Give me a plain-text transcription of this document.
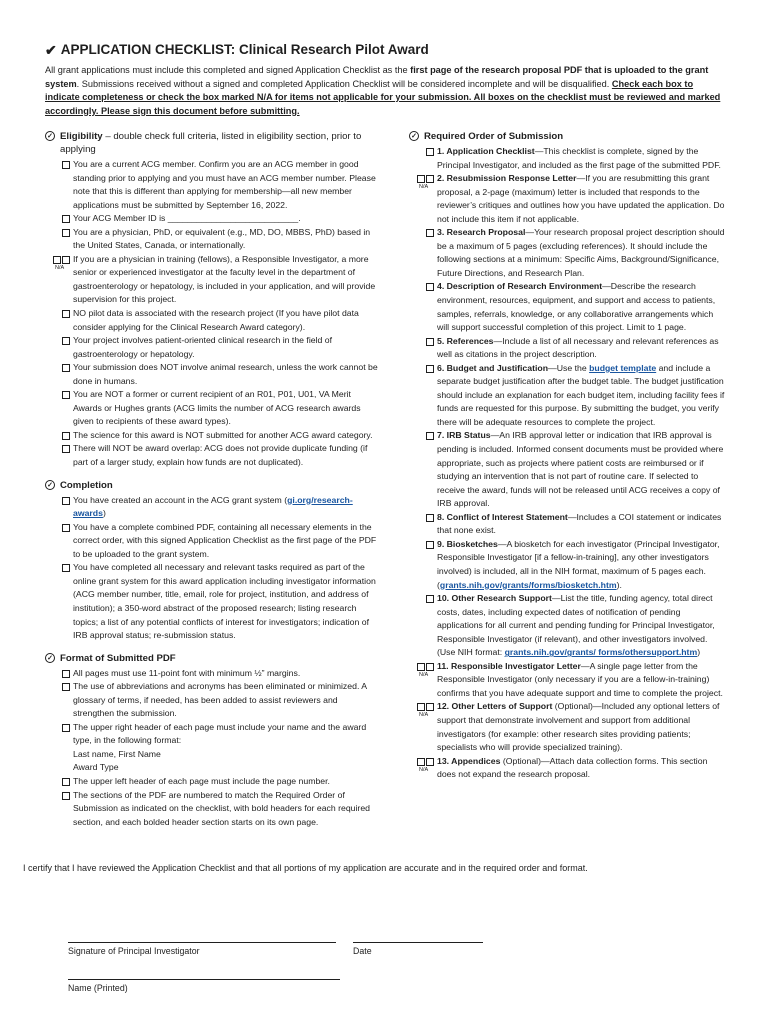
✔ APPLICATION CHECKLIST: Clinical Research Pilot Award

All grant applications must include this completed and signed Application Checklist as the first page of the research proposal PDF that is uploaded to the grant system. Submissions received without a signed and completed Application Checklist will be considered incomplete and will be disqualified. Check each box to indicate completeness or check the box marked N/A for items not applicable for your submission. All boxes on the checklist must be reviewed and marked accordingly. Please sign this document before submitting.

✓ Eligibility – double check full criteria, listed in eligibility section, prior to applying
You are a current ACG member. Confirm you are an ACG member in good standing prior to applying and you must have an ACG member number. Please note that this is different than applying for membership—all new member applications must be submitted by September 16, 2022.
Your ACG Member ID is ___________________________.
You are a physician, PhD, or equivalent (e.g., MD, DO, MBBS, PhD) based in the United States, Canada, or internationally.
N/A
If you are a physician in training (fellows), a Responsible Investigator, a more senior or experienced investigator at the faculty level in the department of gastroenterology or hepatology, is included in your application, and will provide supervision for this project.
NO pilot data is associated with the research project (If you have pilot data consider applying for the Clinical Research Award category).
Your project involves patient-oriented clinical research in the field of gastroenterology or hepatology.
Your submission does NOT involve animal research, unless the work cannot be done in humans.
You are NOT a former or current recipient of an R01, P01, U01, VA Merit Awards or Hughes grants (ACG limits the number of ACG research awards given to recipients of these award types).
The science for this award is NOT submitted for another ACG award category.
There will NOT be award overlap: ACG does not provide duplicate funding (if part of a larger study, explain how funds are not duplicated).
✓ Completion
You have created an account in the ACG grant system (gi.org/research-awards)
You have a complete combined PDF, containing all necessary elements in the correct order, with this signed Application Checklist as the first page of the PDF to be uploaded to the grant system.
You have completed all necessary and relevant tasks required as part of the online grant system for this award application including investigator information (ACG member number, title, email, role for project, institution, and address of institution); a 350-word abstract of the proposed research; listing research topics; a list of any potential conflicts of interest for investigators; indication of IRB approval status; re-submission status.
✓ Format of Submitted PDF
All pages must use 11-point font with minimum ½” margins.
The use of abbreviations and acronyms has been eliminated or minimized. A glossary of terms, if needed, has been added to assist reviewers and strengthen the submission.
The upper right header of each page must include your name and the award type, in the following format:
Last name, First Name
Award Type
The upper left header of each page must include the page number.
The sections of the PDF are numbered to match the Required Order of Submission as indicated on the checklist, with bold headers for each required section, and each bolded header section starts on its own page.
✓ Required Order of Submission
1. Application Checklist—This checklist is complete, signed by the Principal Investigator, and included as the first page of the submitted PDF.
N/A
2. Resubmission Response Letter—If you are resubmitting this grant proposal, a 2-page (maximum) letter is included that responds to the reviewer’s critiques and outlines how you have updated the application. Do not include this item if not applicable.
3. Research Proposal—Your research proposal project description should be a maximum of 5 pages (excluding references). It should include the following sections at a minimum: Specific Aims, Background/Significance, Future Directions, and Research Plan.
4. Description of Research Environment—Describe the research environment, resources, equipment, and support and access to patients, samples, referrals, knowledge, or any collaborative arrangements which will support successful completion of this project. Limit to 1 page.
5. References—Include a list of all necessary and relevant references as well as citations in the project description.
6. Budget and Justification—Use the budget template and include a separate budget justification after the budget table. The budget justification should include an explanation for each budget item, including facility fees if funds are requested for this purpose. By submitting the budget, you verify there will be adequate resources to complete the project.
7. IRB Status—An IRB approval letter or indication that IRB approval is pending is included. Informed consent documents must be provided where appropriate, such as projects where patient costs are reimbursed or if studying an intervention that is not part of routine care. If selected to receive the award, funds will not be released until ACG receives a copy of IRB approval.
8. Conflict of Interest Statement—Includes a COI statement or indicates that none exist.
9. Biosketches—A biosketch for each investigator (Principal Investigator, Responsible Investigator [if a fellow-in-training], any other investigators involved) is included, all in the NIH format, maximum of 5 pages each. (grants.nih.gov/grants/forms/biosketch.htm).
10. Other Research Support—List the title, funding agency, total direct costs, dates, including expected dates of notification of pending applications for all current and pending funding for Principal Investigator, Responsible Investigator (if relevant), and other investigators involved. (Use NIH format: grants.nih.gov/grants/ forms/othersupport.htm)
N/A
11. Responsible Investigator Letter—A single page letter from the Responsible Investigator (only necessary if you are a fellow-in-training) confirms that you have adequate support and time to complete the project.
N/A
12. Other Letters of Support (Optional)—Included any optional letters of support that demonstrate involvement and support from additional investigators (for example: other research sites providing patients; specialists who will provide specialized training).
N/A
13. Appendices (Optional)—Attach data collection forms. This section does not expand the research proposal.
I certify that I have reviewed the Application Checklist and that all portions of my application are accurate and in the required order and format.
Signature of Principal Investigator	Date
Name (Printed)
